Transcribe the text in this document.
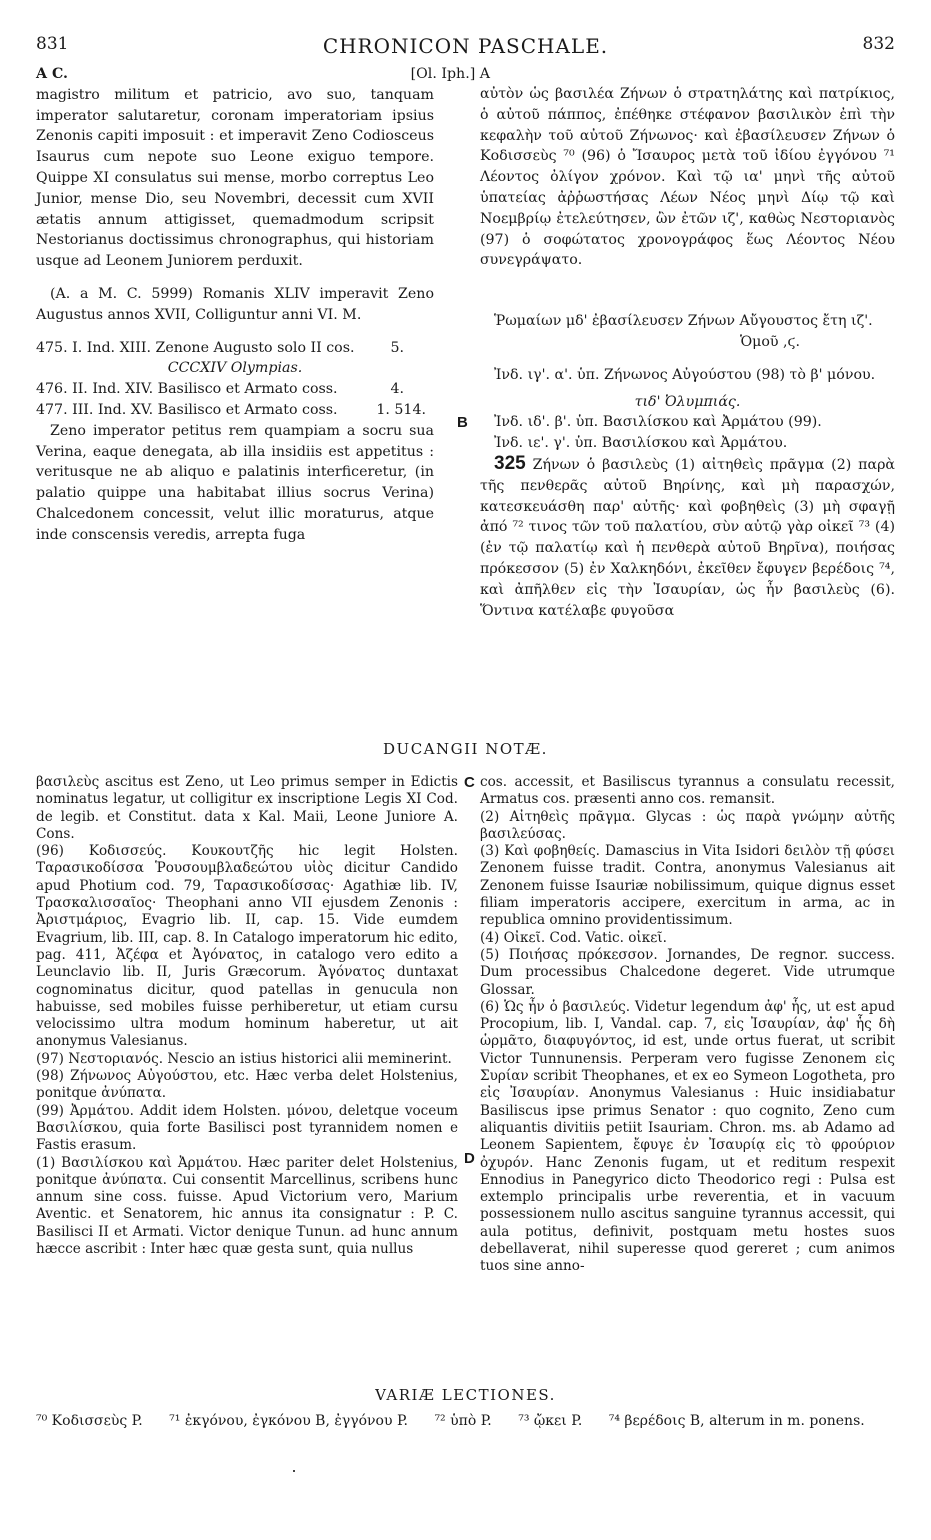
831	CHRONICON PASCHALE.	832
A C.	[Ol. Iph.] A

magistro militum et patricio, avo suo, tanquam imperator salutaretur, coronam imperatoriam ipsius Zenonis capiti imposuit : et imperavit Zeno Codiosceus Isaurus cum nepote suo Leone exiguo tempore. Quippe XI consulatus sui mense, morbo correptus Leo Junior, mense Dio, seu Novembri, decessit cum XVII ætatis annum attigisset, quemadmodum scripsit Nestorianus doctissimus chronographus, qui historiam usque ad Leonem Juniorem perduxit.

(A. a M. C. 5999) Romanis XLIV imperavit Zeno Augustus annos XVII, Colliguntur anni VI. M.

475. I. Ind. XIII. Zenone Augusto solo II cos.	5.

CCCXIV Olympias.

476. II. Ind. XIV. Basilisco et Armato coss.	4.
477. III. Ind. XV. Basilisco et Armato coss.	1. 514.

Zeno imperator petitus rem quampiam a socru sua Verina, eaque denegata, ab illa insidiis est appetitus : veritusque ne ab aliquo e palatinis interficeretur, (in palatio quippe una habitabat illius socrus Verina) Chalcedonem concessit, velut illic moraturus, atque inde conscensis veredis, arrepta fuga

αὐτὸν ὡς βασιλέα Ζήνων ὁ στρατηλάτης καὶ πατρίκιος, ὁ αὐτοῦ πάππος, ἐπέθηκε στέφανον βασιλικὸν ἐπὶ τὴν κεφαλὴν τοῦ αὐτοῦ Ζήνωνος· καὶ ἐβασίλευσεν Ζήνων ὁ Κοδισσεὺς ⁷⁰ (96) ὁ Ἴσαυρος μετὰ τοῦ ἰδίου ἐγγόνου ⁷¹ Λέοντος ὀλίγον χρόνον. Καὶ τῷ ια' μηνὶ τῆς αὐτοῦ ὑπατείας ἀῤῥωστήσας Λέων Νέος μηνὶ Δίῳ τῷ καὶ Νοεμβρίῳ ἐτελεύτησεν, ὢν ἐτῶν ιζ', καθὼς Νεστοριανὸς (97) ὁ σοφώτατος χρονογράφος ἕως Λέοντος Νέου συνεγράψατο.

Ῥωμαίων μδ' ἐβασίλευσεν Ζήνων Αὔγουστος ἔτη ιζ'.

Ὁμοῦ ,ϛ.

Ἰνδ. ιγ'. α'. ὑπ. Ζήνωνος Αὐγούστου (98) τὸ β' μόνου.

τιδ' Ὀλυμπιάς.

Ἰνδ. ιδ'. β'. ὑπ. Βασιλίσκου καὶ Ἀρμάτου (99).

Ἰνδ. ιε'. γ'. ὑπ. Βασιλίσκου καὶ Ἀρμάτου.

325 Ζήνων ὁ βασιλεὺς (1) αἰτηθεὶς πρᾶγμα (2) παρὰ τῆς πενθερᾶς αὐτοῦ Βηρίνης, καὶ μὴ παρασχών, κατεσκευάσθη παρ' αὐτῆς· καὶ φοβηθεὶς (3) μὴ σφαγῇ ἀπό ⁷² τινος τῶν τοῦ παλατίου, σὺν αὐτῷ γὰρ οἰκεῖ ⁷³ (4) (ἐν τῷ παλατίῳ καὶ ἡ πενθερὰ αὐτοῦ Βηρῖνα), ποιήσας πρόκεσσον (5) ἐν Χαλκηδόνι, ἐκεῖθεν ἔφυγεν βερέδοις ⁷⁴, καὶ ἀπῆλθεν εἰς τὴν Ἰσαυρίαν, ὡς ἦν βασιλεὺς (6). Ὅντινα κατέλαβε φυγοῦσα

B
DUCANGII NOTÆ.

βασιλεὺς ascitus est Zeno, ut Leo primus semper in Edictis nominatus legatur, ut colligitur ex inscriptione Legis XI Cod. de legib. et Constitut. data x Kal. Maii, Leone Juniore A. Cons.

(96) Κοδισσεύς. Κουκουτζῆς hic legit Holsten. Ταρασικοδίσσα Ῥουσουμβλαδεώτου υἱὸς dicitur Candido apud Photium cod. 79, Ταρασικοδίσσας· Agathiæ lib. IV, Τρασκαλισσαῖος· Theophani anno VII ejusdem Zenonis : Ἀριστμάριος, Evagrio lib. II, cap. 15. Vide eumdem Evagrium, lib. III, cap. 8. In Catalogo imperatorum hic edito, pag. 411, Ἀζέφα et Ἀγόνατος, in catalogo vero edito a Leunclavio lib. II, Juris Græcorum. Ἀγόνατος duntaxat cognominatus dicitur, quod patellas in genucula non habuisse, sed mobiles fuisse perhiberetur, ut etiam cursu velocissimo ultra modum hominum haberetur, ut ait anonymus Valesianus.

(97) Νεστοριανός. Nescio an istius historici alii meminerint.

(98) Ζήνωνος Αὐγούστου, etc. Hæc verba delet Holstenius, ponitque ἀνύπατα.

(99) Ἀρμάτου. Addit idem Holsten. μόνου, deletque voceum Βασιλίσκου, quia forte Basilisci post tyrannidem nomen e Fastis erasum.

(1) Βασιλίσκου καὶ Ἀρμάτου. Hæc pariter delet Holstenius, ponitque ἀνύπατα. Cui consentit Marcellinus, scribens hunc annum sine coss. fuisse. Apud Victorium vero, Marium Aventic. et Senatorem, hic annus ita consignatur : P. C. Basilisci II et Armati. Victor denique Tunun. ad hunc annum hæcce ascribit : Inter hæc quæ gesta sunt, quia nullus

C
D

cos. accessit, et Basiliscus tyrannus a consulatu recessit, Armatus cos. præsenti anno cos. remansit.

(2) Αἰτηθεὶς πρᾶγμα. Glycas : ὡς παρὰ γνώμην αὐτῆς βασιλεύσας.

(3) Καὶ φοβηθείς. Damascius in Vita Isidori δειλὸν τῇ φύσει Zenonem fuisse tradit. Contra, anonymus Valesianus ait Zenonem fuisse Isauriæ nobilissimum, quique dignus esset filiam imperatoris accipere, exercitum in arma, ac in republica omnino providentissimum.

(4) Οἰκεῖ. Cod. Vatic. οἰκεῖ.

(5) Ποιήσας πρόκεσσον. Jornandes, De regnor. success. Dum processibus Chalcedone degeret. Vide utrumque Glossar.

(6) Ὡς ἦν ὁ βασιλεύς. Videtur legendum ἀφ' ἧς, ut est apud Procopium, lib. I, Vandal. cap. 7, εἰς Ἰσαυρίαν, ἀφ' ἧς δὴ ὡρμᾶτο, διαφυγόντος, id est, unde ortus fuerat, ut scribit Victor Tunnunensis. Perperam vero fugisse Zenonem εἰς Συρίαν scribit Theophanes, et ex eo Symeon Logotheta, pro εἰς Ἰσαυρίαν. Anonymus Valesianus : Huic insidiabatur Basiliscus ipse primus Senator : quo cognito, Zeno cum aliquantis divitiis petiit Isauriam. Chron. ms. ab Adamo ad Leonem Sapientem, ἔφυγε ἐν Ἰσαυρίᾳ εἰς τὸ φρούριον ὀχυρόν. Hanc Zenonis fugam, ut et reditum respexit Ennodius in Panegyrico dicto Theodorico regi : Pulsa est extemplo principalis urbe reverentia, et in vacuum possessionem nullo ascitus sanguine tyrannus accessit, qui aula potitus, definivit, postquam metu hostes suos debellaverat, nihil superesse quod gereret ; cum animos tuos sine anno-

VARIÆ LECTIONES.
⁷⁰ Κοδισσεὺς P. ⁷¹ ἐκγόνου, ἐγκόνου B, ἐγγόνου P. ⁷² ὑπὸ P. ⁷³ ᾤκει P. ⁷⁴ βερέδοις B, alterum in m. ponens.
